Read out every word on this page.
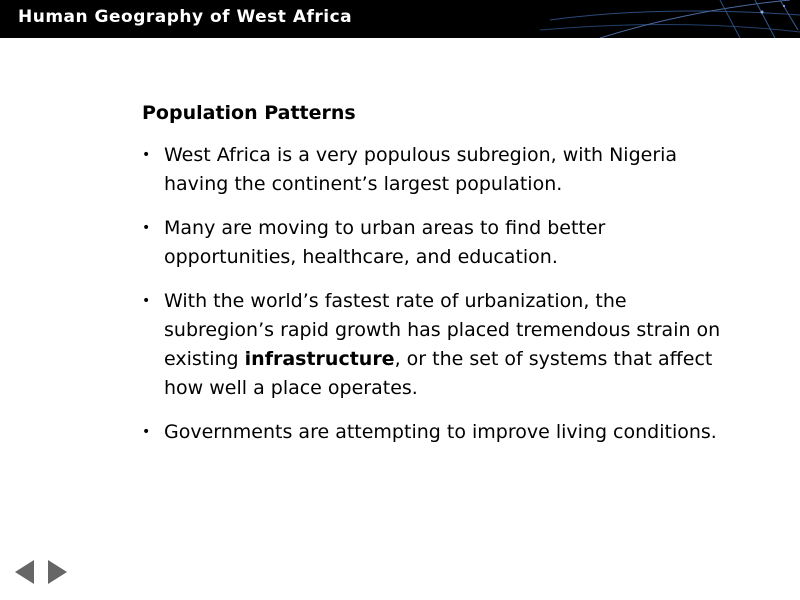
Human Geography of West Africa
Population Patterns
• West Africa is a very populous subregion, with Nigeria having the continent’s largest population.
• Many are moving to urban areas to find better opportunities, healthcare, and education.
• With the world’s fastest rate of urbanization, the subregion’s rapid growth has placed tremendous strain on existing infrastructure, or the set of systems that affect how well a place operates.
• Governments are attempting to improve living conditions.
